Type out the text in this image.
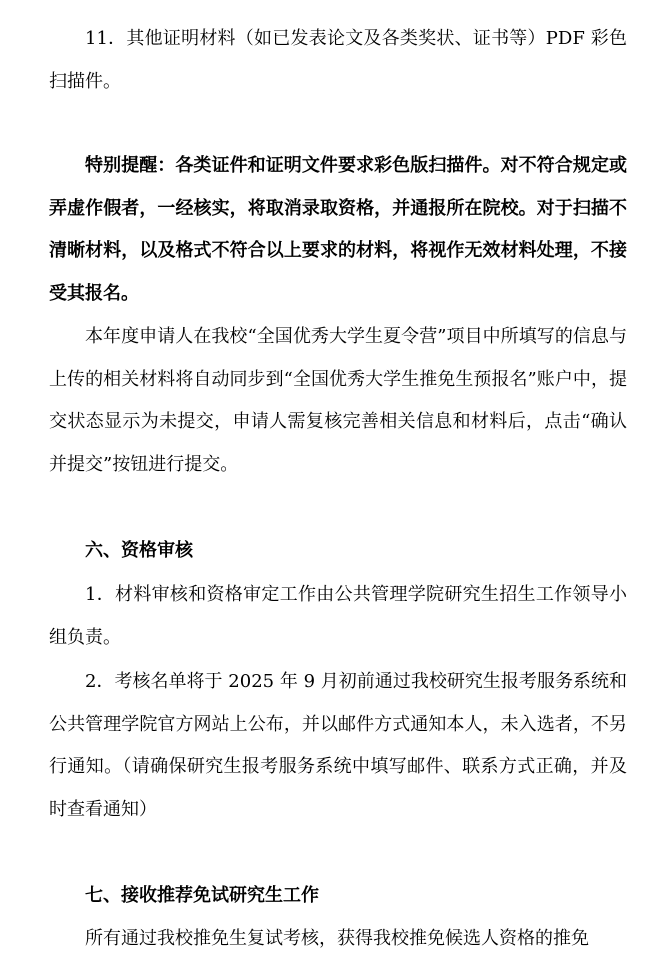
11．其他证明材料（如已发表论文及各类奖状、证书等）PDF 彩色扫描件。

特别提醒：各类证件和证明文件要求彩色版扫描件。对不符合规定或弄虚作假者，一经核实，将取消录取资格，并通报所在院校。对于扫描不清晰材料，以及格式不符合以上要求的材料，将视作无效材料处理，不接受其报名。

本年度申请人在我校“全国优秀大学生夏令营”项目中所填写的信息与上传的相关材料将自动同步到“全国优秀大学生推免生预报名”账户中，提交状态显示为未提交，申请人需复核完善相关信息和材料后，点击“确认并提交”按钮进行提交。

六、资格审核

1．材料审核和资格审定工作由公共管理学院研究生招生工作领导小组负责。

2．考核名单将于 2025 年 9 月初前通过我校研究生报考服务系统和公共管理学院官方网站上公布，并以邮件方式通知本人，未入选者，不另行通知。（请确保研究生报考服务系统中填写邮件、联系方式正确，并及时查看通知）

七、接收推荐免试研究生工作

所有通过我校推免生复试考核，获得我校推免候选人资格的推免
